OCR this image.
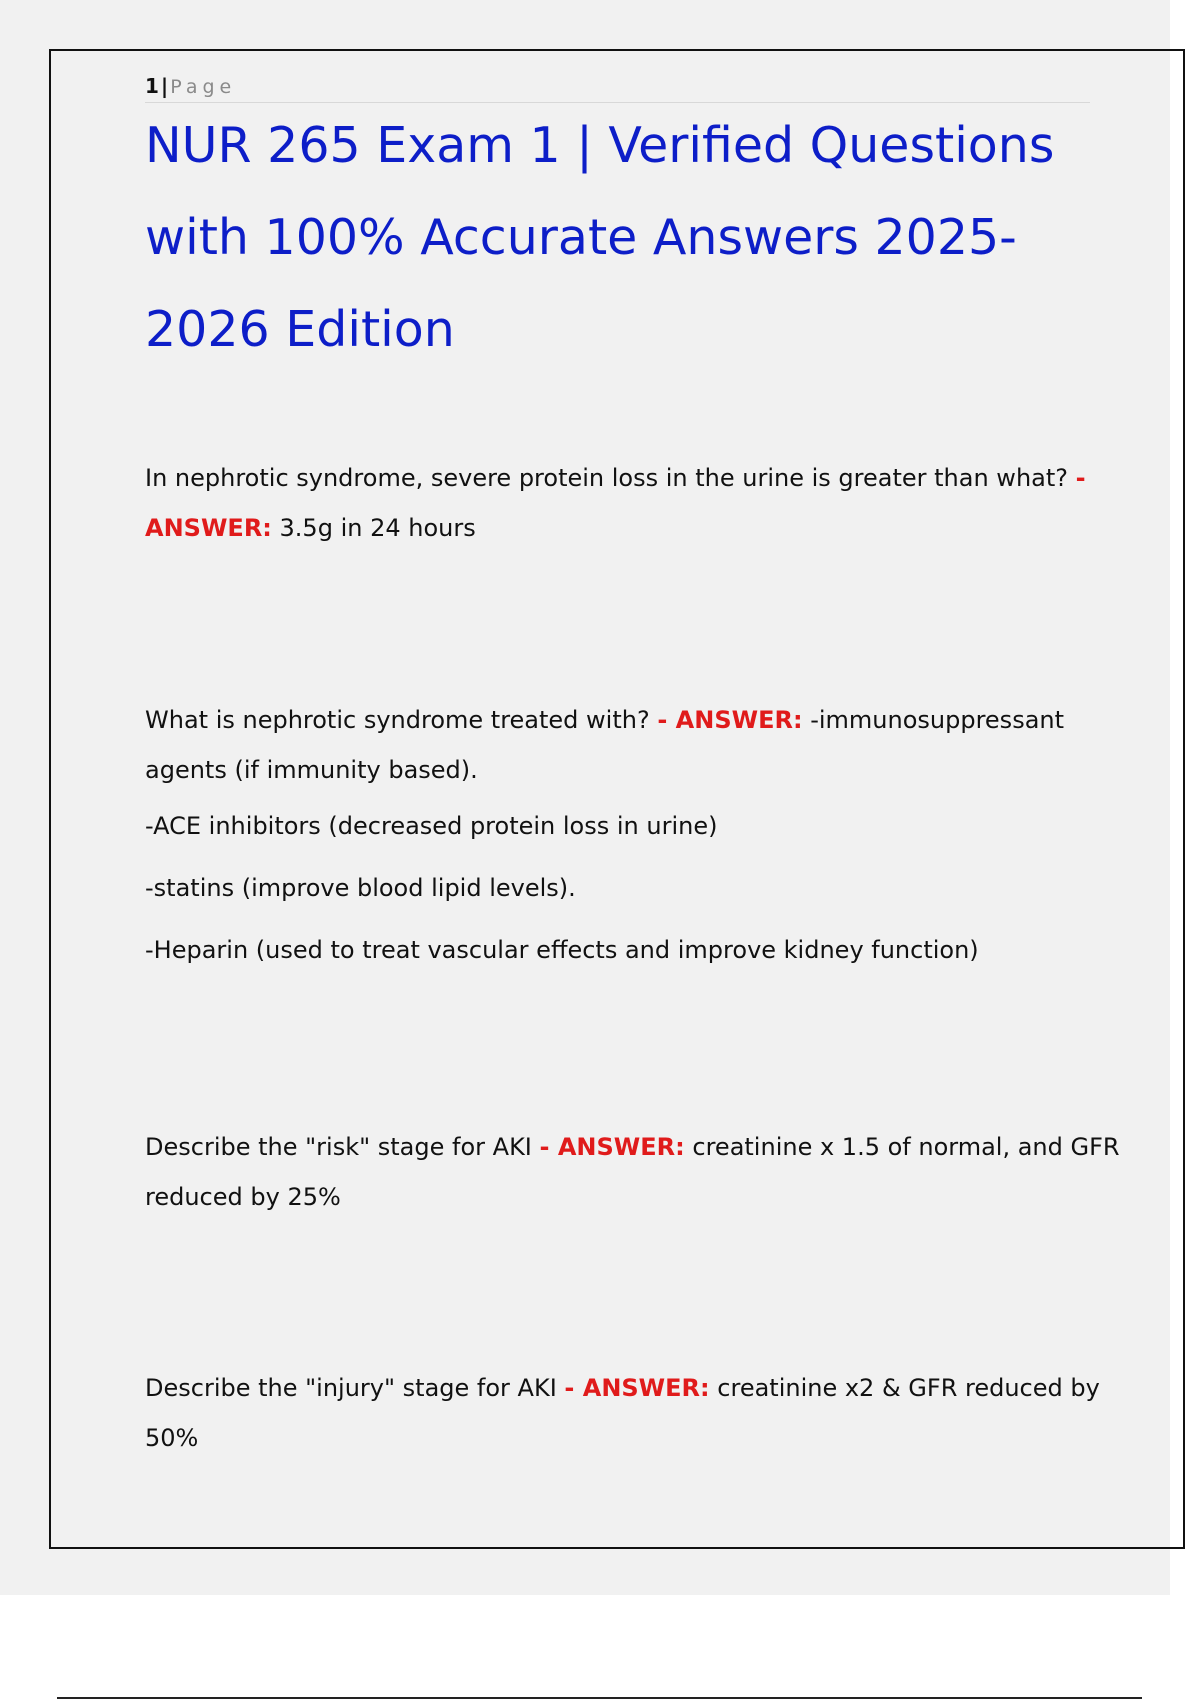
1 | Page
NUR 265 Exam 1 | Verified Questions with 100% Accurate Answers 2025-2026 Edition

In nephrotic syndrome, severe protein loss in the urine is greater than what? - ANSWER: 3.5g in 24 hours

What is nephrotic syndrome treated with? - ANSWER: -immunosuppressant agents (if immunity based).
-ACE inhibitors (decreased protein loss in urine)
-statins (improve blood lipid levels).
-Heparin (used to treat vascular effects and improve kidney function)

Describe the "risk" stage for AKI - ANSWER: creatinine x 1.5 of normal, and GFR reduced by 25%

Describe the "injury" stage for AKI - ANSWER: creatinine x2 & GFR reduced by 50%
